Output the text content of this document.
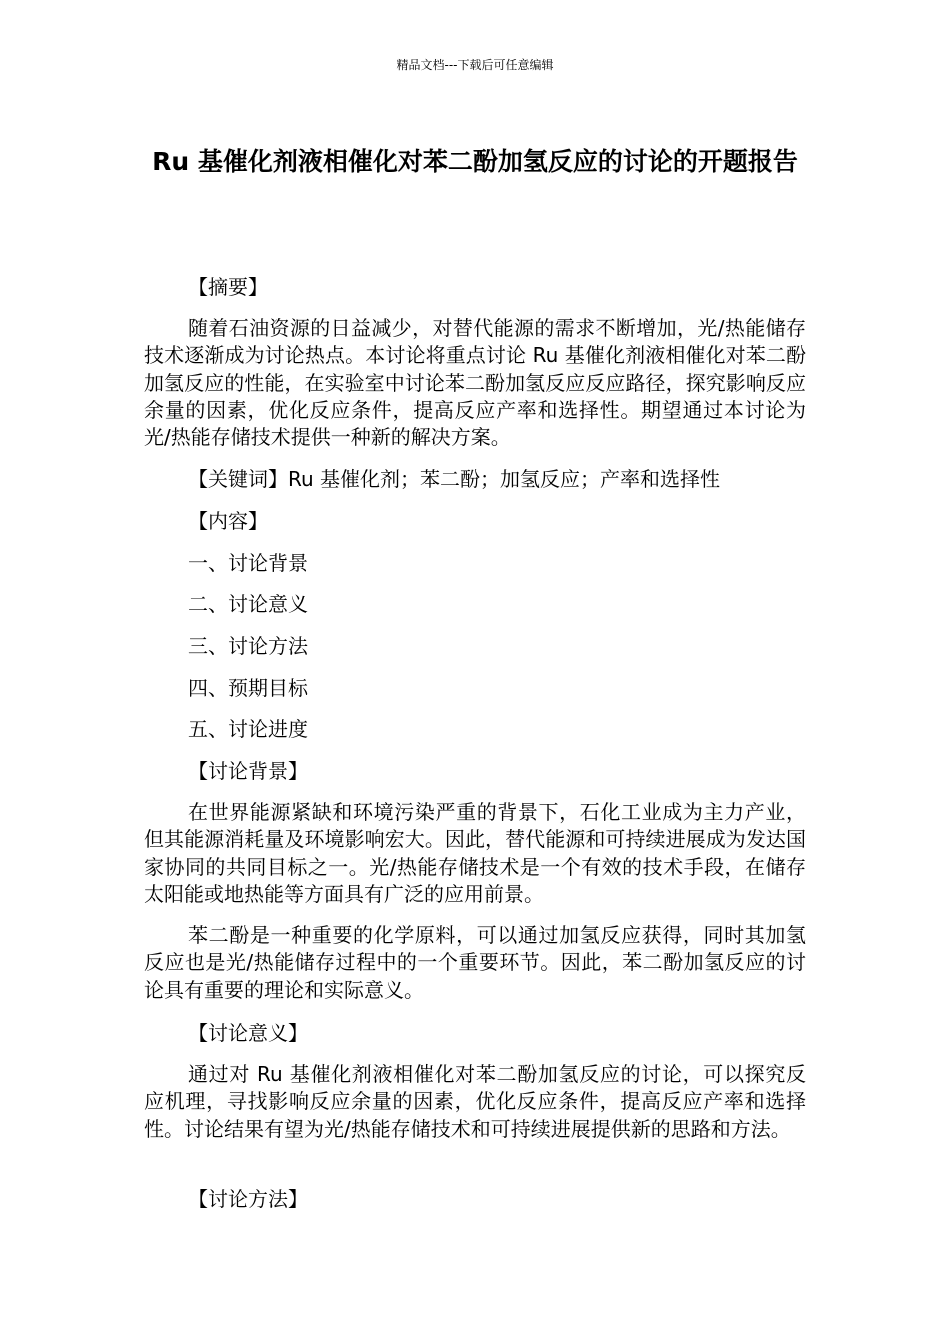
精品文档---下载后可任意编辑
Ru 基催化剂液相催化对苯二酚加氢反应的讨论的开题报告
【摘要】
随着石油资源的日益减少，对替代能源的需求不断增加，光/热能储存技术逐渐成为讨论热点。本讨论将重点讨论 Ru 基催化剂液相催化对苯二酚加氢反应的性能，在实验室中讨论苯二酚加氢反应反应路径，探究影响反应余量的因素，优化反应条件，提高反应产率和选择性。期望通过本讨论为光/热能存储技术提供一种新的解决方案。
【关键词】Ru 基催化剂；苯二酚；加氢反应；产率和选择性
【内容】
一、讨论背景
二、讨论意义
三、讨论方法
四、预期目标
五、讨论进度
【讨论背景】
在世界能源紧缺和环境污染严重的背景下，石化工业成为主力产业，但其能源消耗量及环境影响宏大。因此，替代能源和可持续进展成为发达国家协同的共同目标之一。光/热能存储技术是一个有效的技术手段，在储存太阳能或地热能等方面具有广泛的应用前景。
苯二酚是一种重要的化学原料，可以通过加氢反应获得，同时其加氢反应也是光/热能储存过程中的一个重要环节。因此，苯二酚加氢反应的讨论具有重要的理论和实际意义。
【讨论意义】
通过对 Ru 基催化剂液相催化对苯二酚加氢反应的讨论，可以探究反应机理，寻找影响反应余量的因素，优化反应条件，提高反应产率和选择性。讨论结果有望为光/热能存储技术和可持续进展提供新的思路和方法。
【讨论方法】
